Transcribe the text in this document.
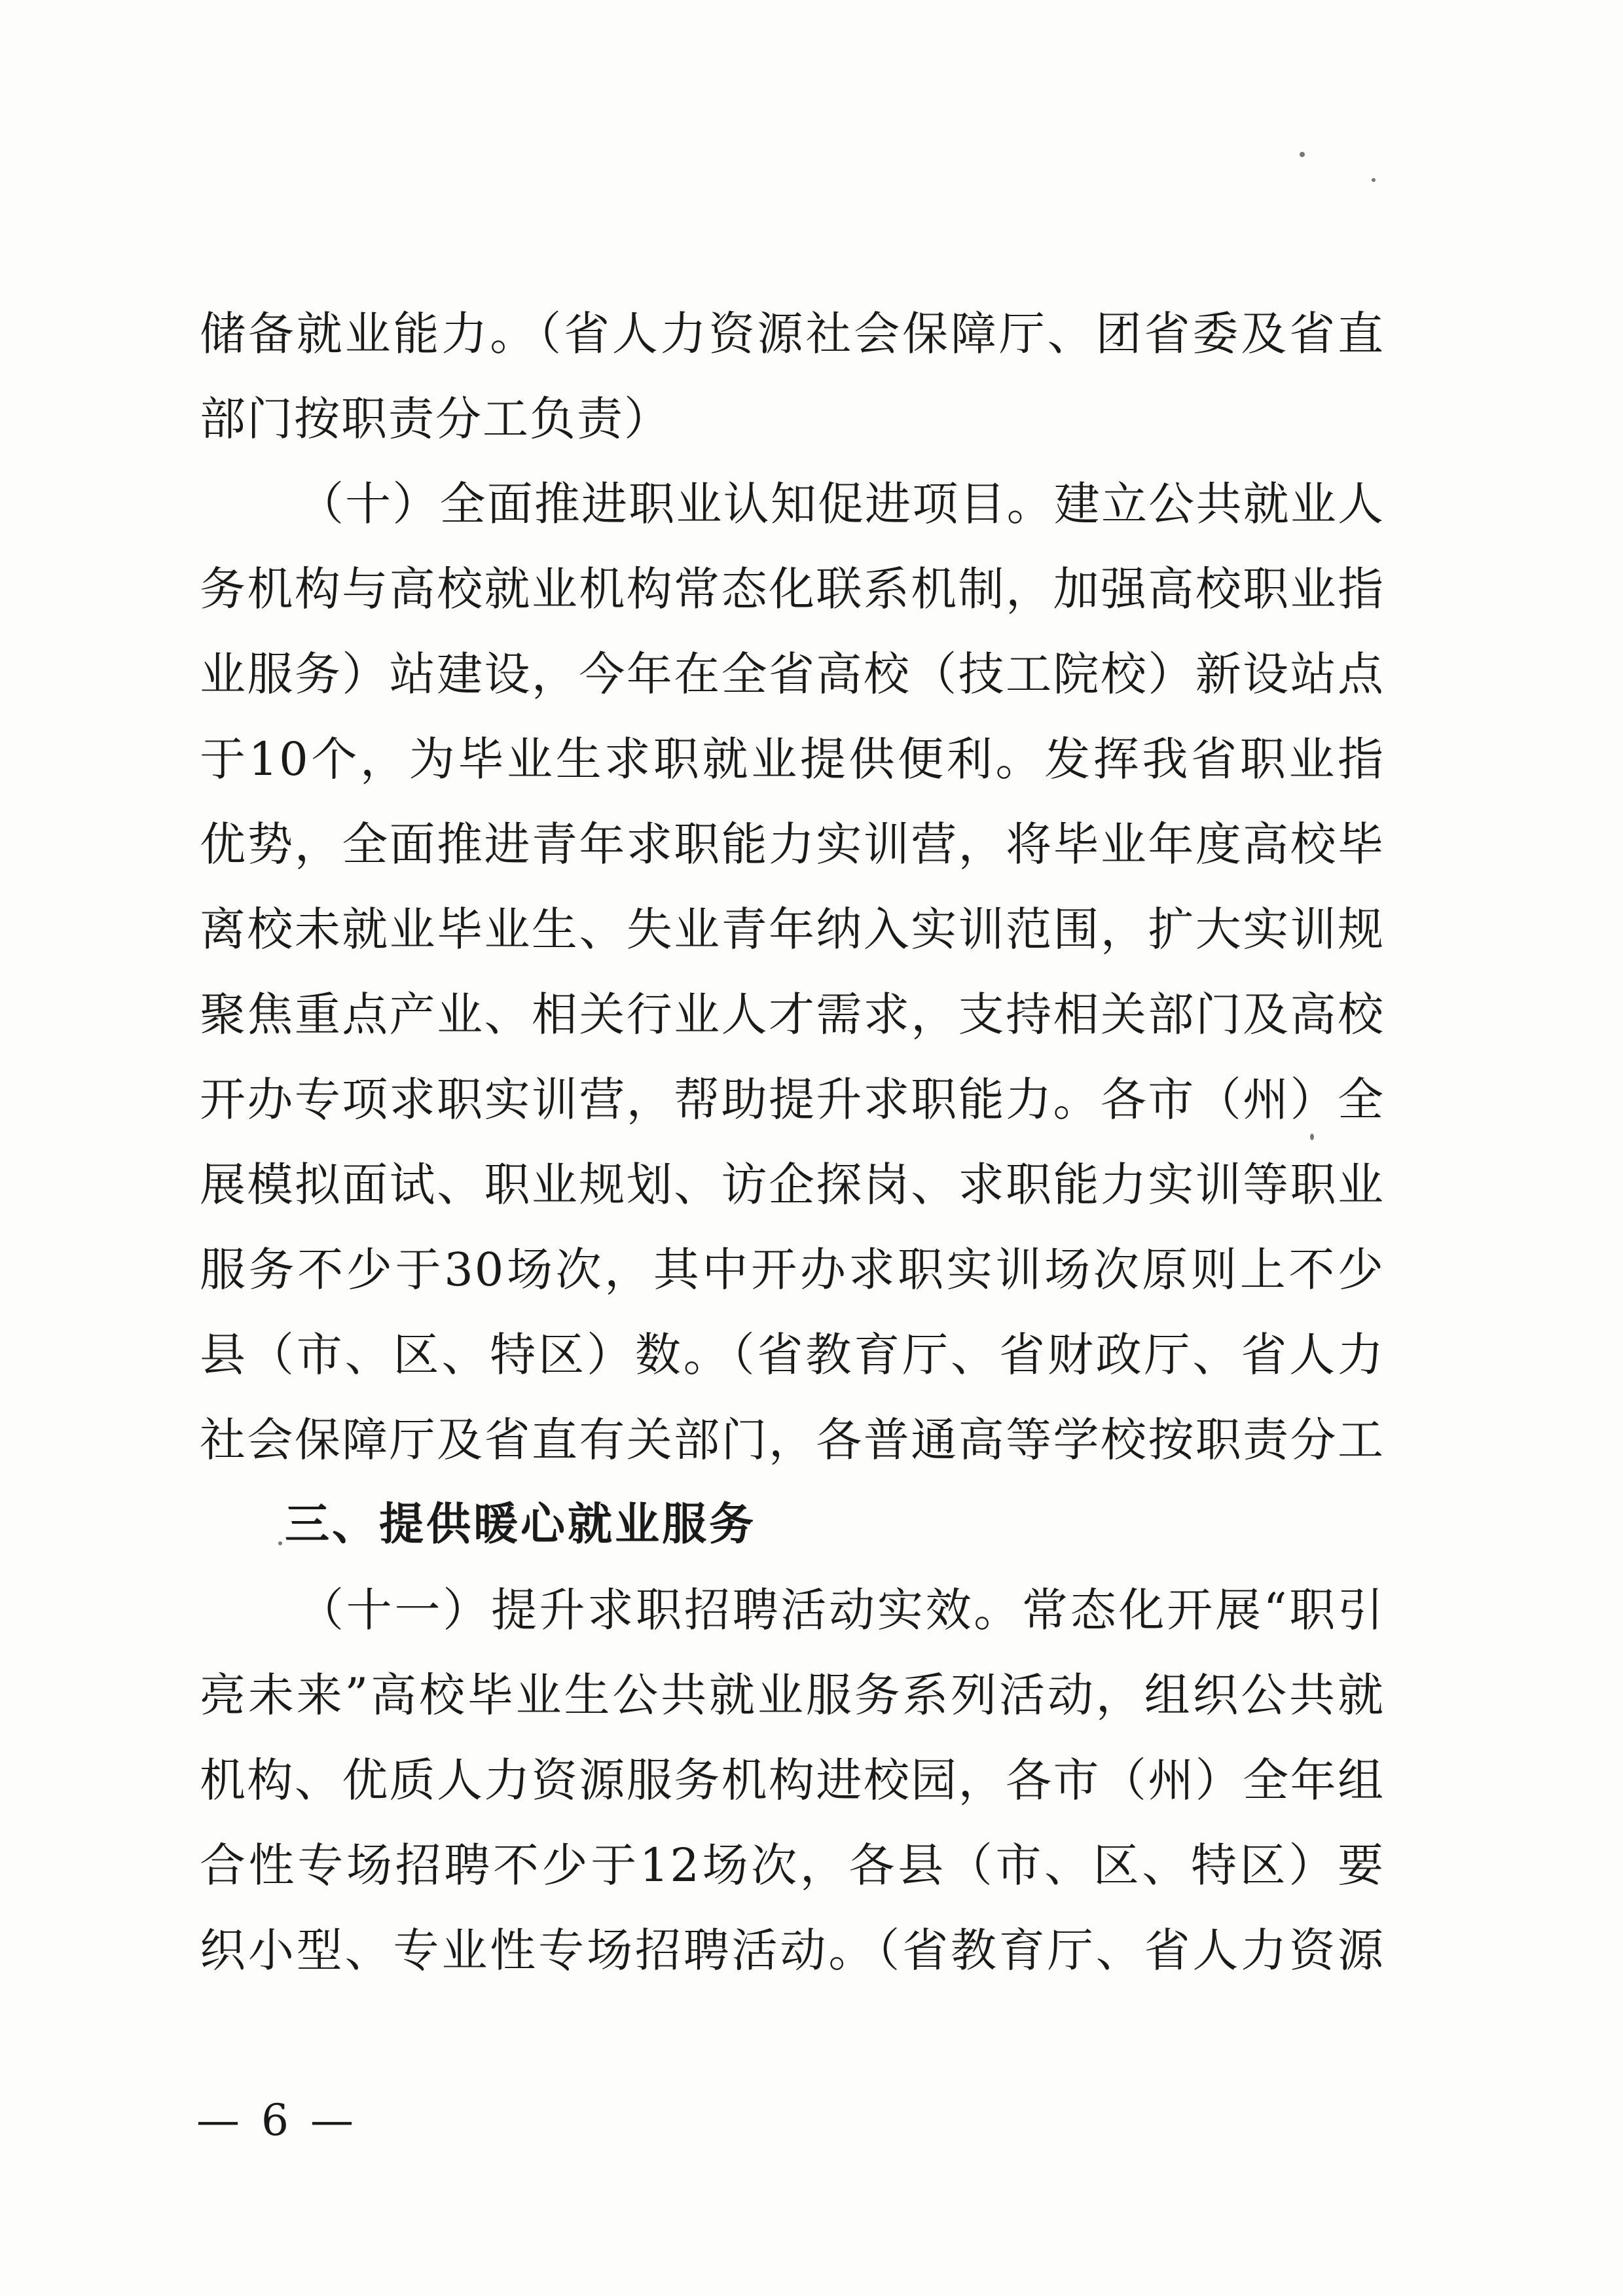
储备就业能力。（省人力资源社会保障厅、团省委及省直
部门按职责分工负责）
（十）全面推进职业认知促进项目。建立公共就业人
务机构与高校就业机构常态化联系机制，加强高校职业指
业服务）站建设，今年在全省高校（技工院校）新设站点
于10个，为毕业生求职就业提供便利。发挥我省职业指
优势，全面推进青年求职能力实训营，将毕业年度高校毕
离校未就业毕业生、失业青年纳入实训范围，扩大实训规
聚焦重点产业、相关行业人才需求，支持相关部门及高校
开办专项求职实训营，帮助提升求职能力。各市（州）全
展模拟面试、职业规划、访企探岗、求职能力实训等职业
服务不少于30场次，其中开办求职实训场次原则上不少
县（市、区、特区）数。（省教育厅、省财政厅、省人力
社会保障厅及省直有关部门，各普通高等学校按职责分工
三、提供暖心就业服务
（十一）提升求职招聘活动实效。常态化开展“职引
亮未来”高校毕业生公共就业服务系列活动，组织公共就
机构、优质人力资源服务机构进校园，各市（州）全年组
合性专场招聘不少于12场次，各县（市、区、特区）要
织小型、专业性专场招聘活动。（省教育厅、省人力资源
— 6 —
